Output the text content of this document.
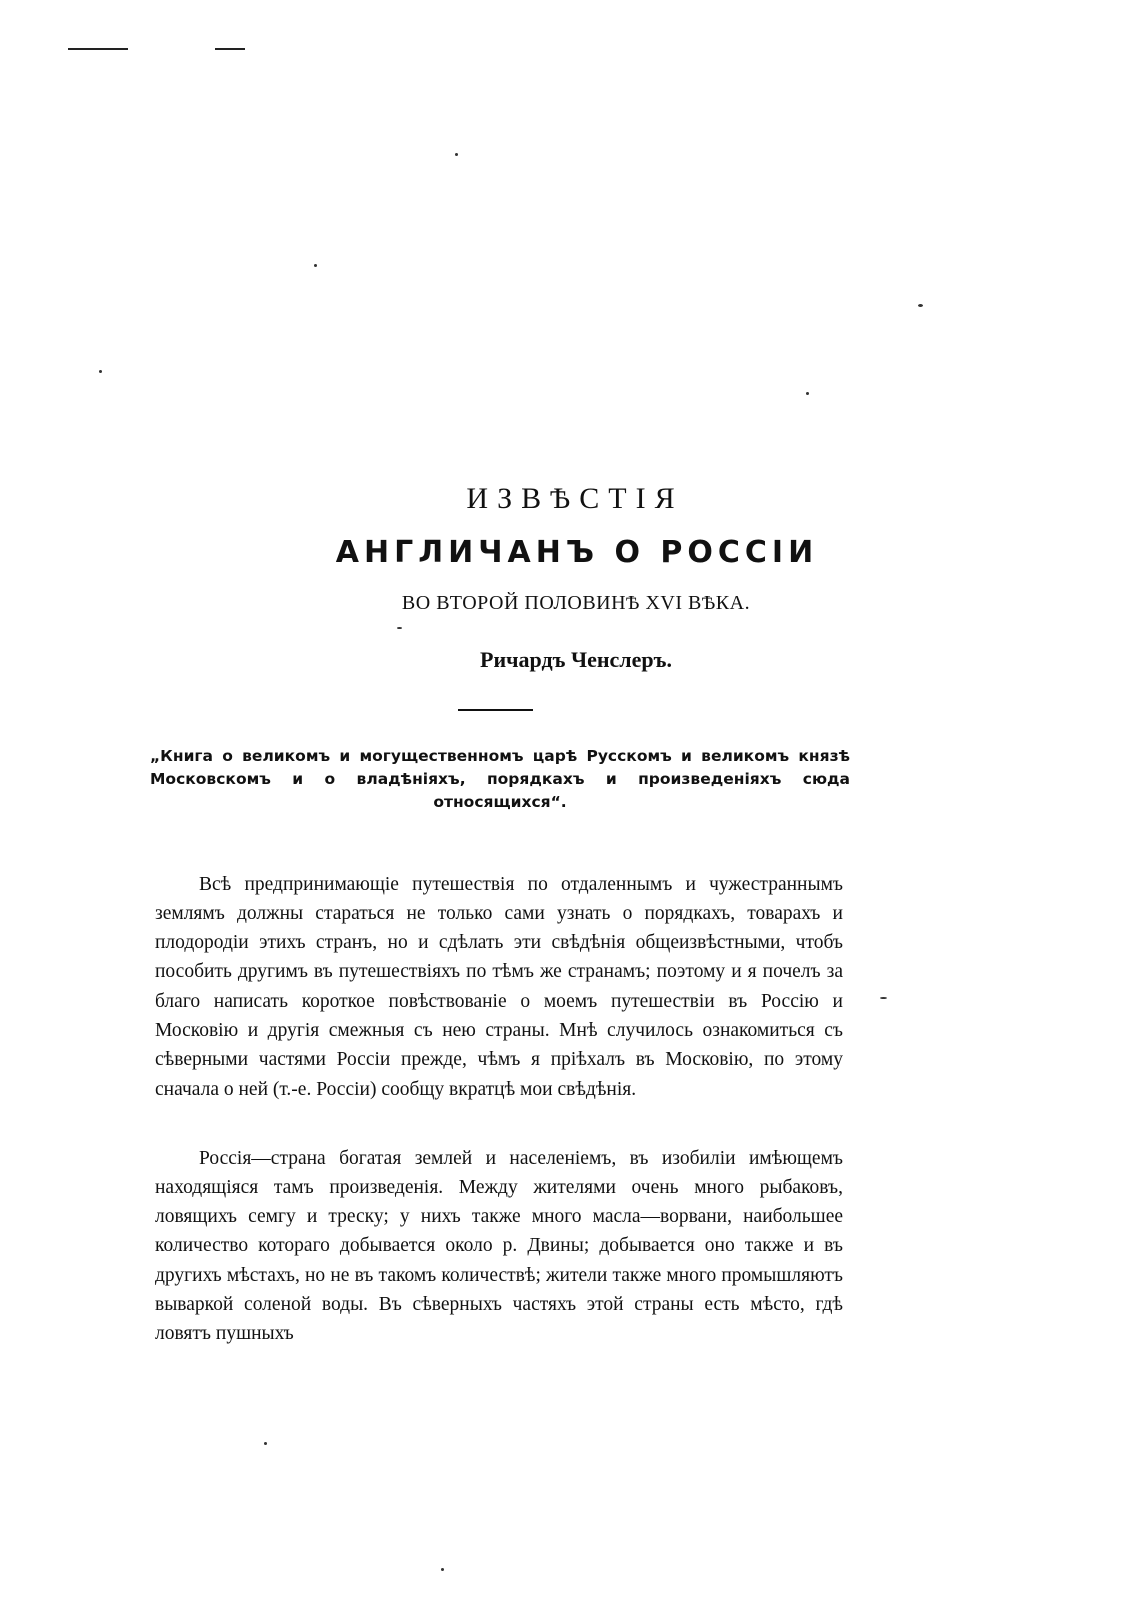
ИЗВѢСТІЯ
АНГЛИЧАНЪ О РОССІИ
ВО ВТОРОЙ ПОЛОВИНѢ XVI ВѢКА.
Ричардъ Ченслеръ.
„Книга о великомъ и могущественномъ царѣ Русскомъ и великомъ князѣ Московскомъ и о владѣніяхъ, порядкахъ и произведеніяхъ сюда относящихся“.

Всѣ предпринимающіе путешествія по отдаленнымъ и чужестраннымъ землямъ должны стараться не только сами узнать о порядкахъ, товарахъ и плодородіи этихъ странъ, но и сдѣлать эти свѣдѣнія общеизвѣстными, чтобъ пособить другимъ въ путешествіяхъ по тѣмъ же странамъ; поэтому и я почелъ за благо написать короткое повѣствованіе о моемъ путешествіи въ Россію и Московію и другія смежныя съ нею страны. Мнѣ случилось ознакомиться съ сѣверными частями Россіи прежде, чѣмъ я пріѣхалъ въ Московію, по этому сначала о ней (т.-е. Россіи) сообщу вкратцѣ мои свѣдѣнія.

Россія—страна богатая землей и населеніемъ, въ изобиліи имѣющемъ находящіяся тамъ произведенія. Между жителями очень много рыбаковъ, ловящихъ семгу и треску; у нихъ также много масла—ворвани, наибольшее количество котораго добывается около р. Двины; добывается оно также и въ другихъ мѣстахъ, но не въ такомъ количествѣ; жители также много промышляютъ вываркой соленой воды. Въ сѣверныхъ частяхъ этой страны есть мѣсто, гдѣ ловятъ пушныхъ
